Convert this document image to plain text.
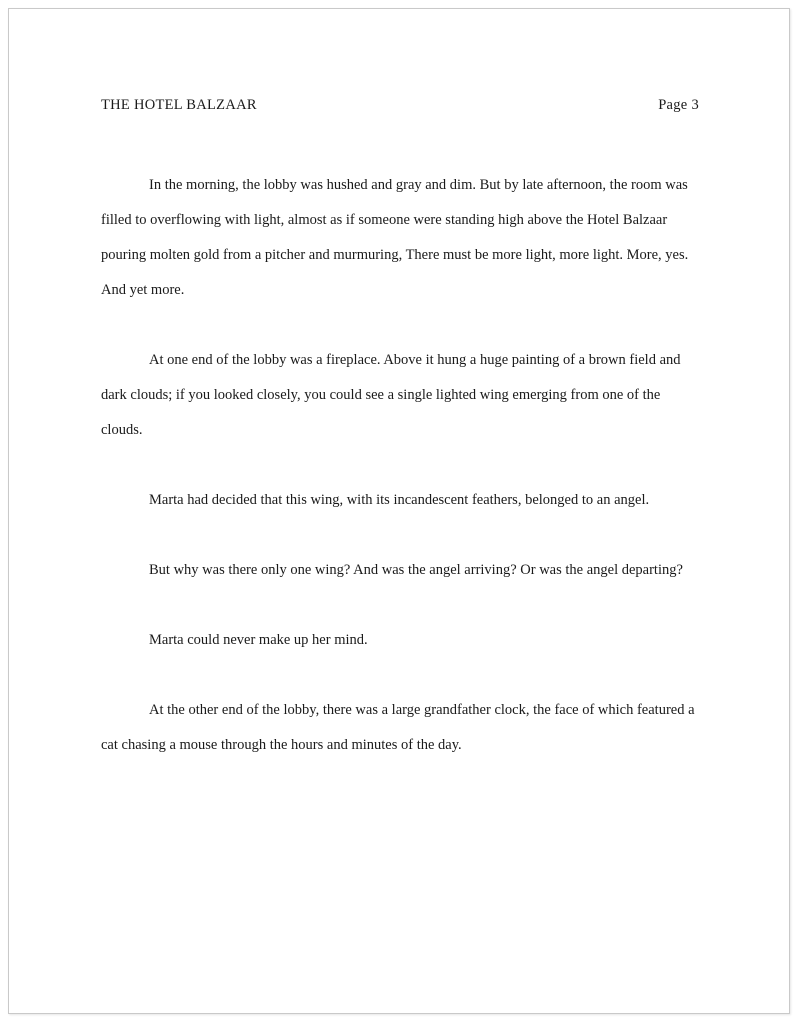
THE HOTEL BALZAAR	Page 3

In the morning, the lobby was hushed and gray and dim. But by late afternoon, the room was filled to overflowing with light, almost as if someone were standing high above the Hotel Balzaar pouring molten gold from a pitcher and murmuring, There must be more light, more light. More, yes. And yet more.

At one end of the lobby was a fireplace. Above it hung a huge painting of a brown field and dark clouds; if you looked closely, you could see a single lighted wing emerging from one of the clouds.

Marta had decided that this wing, with its incandescent feathers, belonged to an angel.

But why was there only one wing? And was the angel arriving? Or was the angel departing?

Marta could never make up her mind.

At the other end of the lobby, there was a large grandfather clock, the face of which featured a cat chasing a mouse through the hours and minutes of the day.
